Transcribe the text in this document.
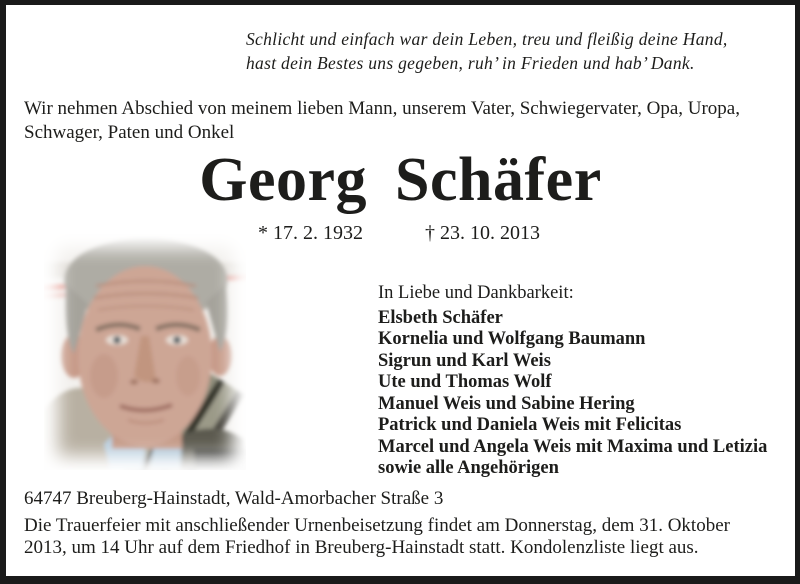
Schlicht und einfach war dein Leben, treu und fleißig deine Hand,
hast dein Bestes uns gegeben, ruh’ in Frieden und hab’ Dank.
Wir nehmen Abschied von meinem lieben Mann, unserem Vater, Schwiegervater, Opa, Uropa,
Schwager, Paten und Onkel
Georg Schäfer
* 17. 2. 1932	† 23. 10. 2013
In Liebe und Dankbarkeit:
Elsbeth Schäfer
Kornelia und Wolfgang Baumann
Sigrun und Karl Weis
Ute und Thomas Wolf
Manuel Weis und Sabine Hering
Patrick und Daniela Weis mit Felicitas
Marcel und Angela Weis mit Maxima und Letizia
sowie alle Angehörigen
64747 Breuberg-Hainstadt, Wald-Amorbacher Straße 3
Die Trauerfeier mit anschließender Urnenbeisetzung findet am Donnerstag, dem 31. Oktober
2013, um 14 Uhr auf dem Friedhof in Breuberg-Hainstadt statt. Kondolenzliste liegt aus.
